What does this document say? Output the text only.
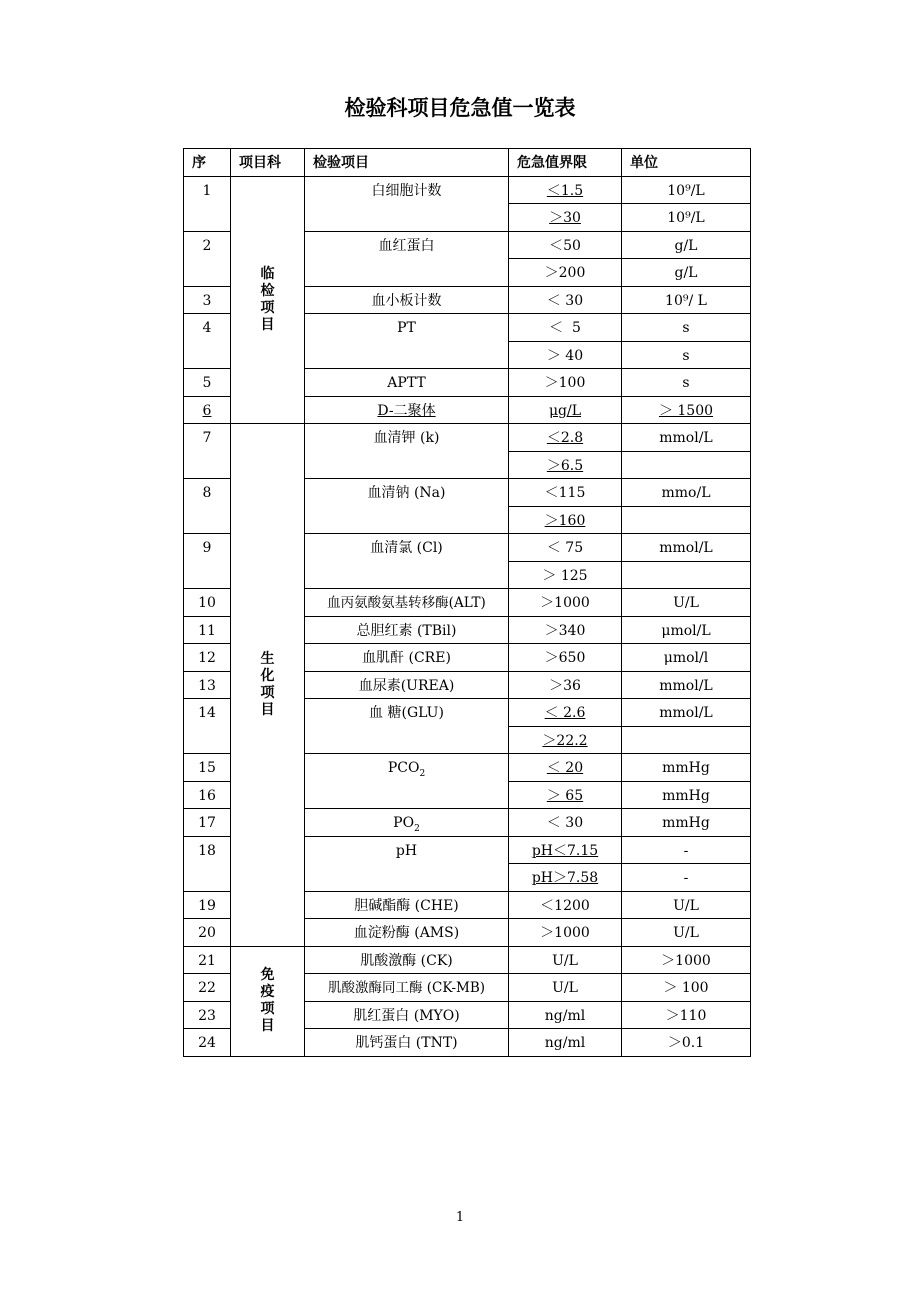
检验科项目危急值一览表
序	项目科	检验项目	危急值界限	单位
1	临检项目	白细胞计数	＜1.5	10⁹/L
			＞30	10⁹/L
2		血红蛋白	＜50	g/L
			＞200	g/L
3		血小板计数	＜ 30	10⁹/ L
4		PT	＜  5	s
			＞ 40	s
5		APTT	＞100	s
6		D-二聚体	μg/L	＞ 1500
7	生化项目	血清钾 (k)	＜2.8	mmol/L
			＞6.5	
8		血清钠 (Na)	＜115	mmo/L
			＞160	
9		血清氯 (Cl)	＜ 75	mmol/L
			＞ 125	
10		血丙氨酸氨基转移酶(ALT)	＞1000	U/L
11		总胆红素 (TBil)	＞340	μmol/L
12		血肌酐 (CRE)	＞650	μmol/l
13		血尿素(UREA)	＞36	mmol/L
14		血 糖(GLU)	＜ 2.6	mmol/L
			＞22.2	
15		$PCO_2$	＜ 20	mmHg
16			＞ 65	mmHg
17		$PO_2$	＜ 30	mmHg
18		pH	pH＜7.15	-
			pH＞7.58	-
19		胆碱酯酶 (CHE)	＜1200	U/L
20		血淀粉酶 (AMS)	＞1000	U/L
21	免疫项目	肌酸激酶 (CK)	U/L	＞1000
22		肌酸激酶同工酶 (CK-MB)	U/L	＞ 100
23		肌红蛋白 (MYO)	ng/ml	＞110
24		肌钙蛋白 (TNT)	ng/ml	＞0.1
1
